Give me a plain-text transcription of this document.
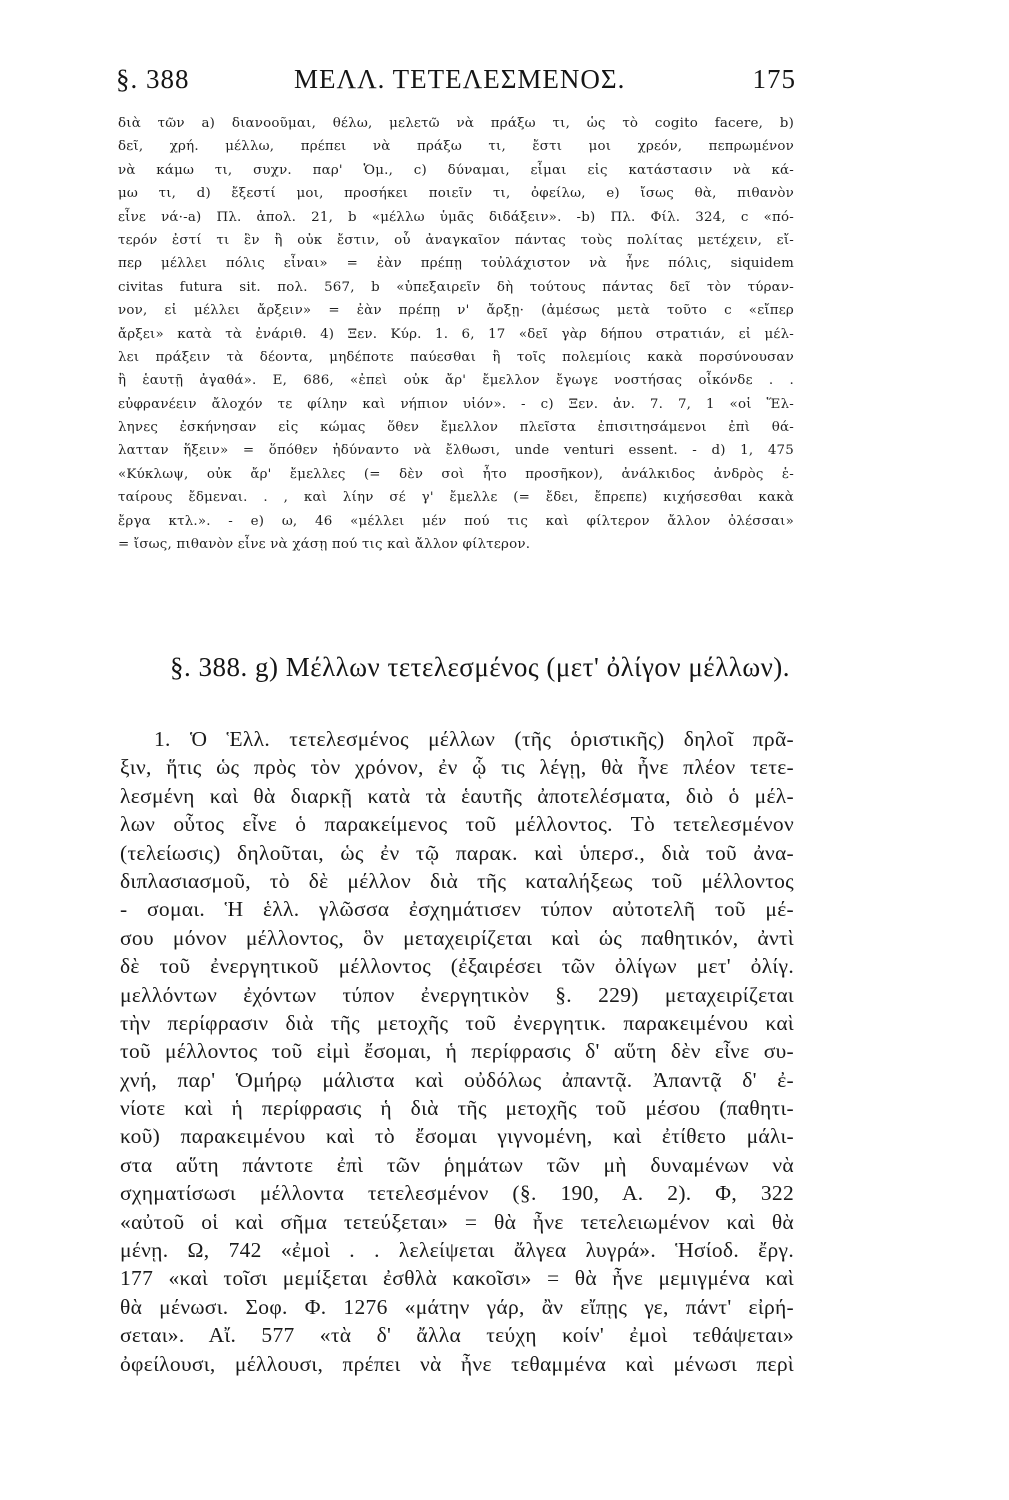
§. 388	ΜΕΛΛ. ΤΕΤΕΛΕΣΜΕΝΟΣ.	175
διὰ τῶν a) διανοοῦμαι, θέλω, μελετῶ νὰ πράξω τι, ὡς τὸ cogito facere, b)
δεῖ, χρή. μέλλω, πρέπει νὰ πράξω τι, ἔστι μοι χρεόν, πεπρωμένον
νὰ κάμω τι, συχν. παρ' Ὁμ., c) δύναμαι, εἶμαι εἰς κατάστασιν νὰ κά-
μω τι, d) ἔξεστί μοι, προσήκει ποιεῖν τι, ὀφείλω, e) ἴσως θὰ, πιθανὸν
εἶνε νά·-a) Πλ. ἀπολ. 21, b «μέλλω ὑμᾶς διδάξειν». -b) Πλ. Φίλ. 324, c «πό-
τερόν ἐστί τι ἓν ἢ οὐκ ἔστιν, οὗ ἀναγκαῖον πάντας τοὺς πολίτας μετέχειν, εἴ-
περ μέλλει πόλις εἶναι» = ἐὰν πρέπῃ τοὐλάχιστον νὰ ἦνε πόλις, siquidem
civitas futura sit. πολ. 567, b «ὑπεξαιρεῖν δὴ τούτους πάντας δεῖ τὸν τύραν-
νον, εἰ μέλλει ἄρξειν» = ἐὰν πρέπῃ ν' ἄρξῃ· (ἀμέσως μετὰ τοῦτο c «εἴπερ
ἄρξει» κατὰ τὰ ἐνάριθ. 4) Ξεν. Κύρ. 1. 6, 17 «δεῖ γὰρ δήπου στρατιάν, εἰ μέλ-
λει πράξειν τὰ δέοντα, μηδέποτε παύεσθαι ἢ τοῖς πολεμίοις κακὰ πορσύνουσαν
ἢ ἑαυτῇ ἀγαθά». Ε, 686, «ἐπεὶ οὐκ ἄρ' ἔμελλον ἔγωγε νοστήσας οἶκόνδε . .
εὐφρανέειν ἄλοχόν τε φίλην καὶ νήπιον υἱόν». - c) Ξεν. ἀν. 7. 7, 1 «οἱ Ἕλ-
ληνες ἐσκήνησαν εἰς κώμας ὅθεν ἔμελλον πλεῖστα ἐπισιτησάμενοι ἐπὶ θά-
λατταν ἥξειν» = ὅπόθεν ἠδύναντο νὰ ἔλθωσι, unde venturi essent. - d) 1, 475
«Κύκλωψ, οὐκ ἄρ' ἔμελλες (= δὲν σοὶ ἦτο προσῆκον), ἀνάλκιδος ἀνδρὸς ἑ-
ταίρους ἔδμεναι. . , καὶ λίην σέ γ' ἔμελλε (= ἔδει, ἔπρεπε) κιχήσεσθαι κακὰ
ἔργα κτλ.». - e) ω, 46 «μέλλει μέν πού τις καὶ φίλτερον ἄλλον ὀλέσσαι»
= ἴσως, πιθανὸν εἶνε νὰ χάσῃ πού τις καὶ ἄλλον φίλτερον.
§. 388. g) Μέλλων τετελεσμένος (μετ' ὀλίγον μέλλων).
1. Ὁ Ἑλλ. τετελεσμένος μέλλων (τῆς ὁριστικῆς) δηλοῖ πρᾶ-
ξιν, ἥτις ὡς πρὸς τὸν χρόνον, ἐν ᾧ τις λέγῃ, θὰ ἦνε πλέον τετε-
λεσμένη καὶ θὰ διαρκῇ κατὰ τὰ ἑαυτῆς ἀποτελέσματα, διὸ ὁ μέλ-
λων οὗτος εἶνε ὁ παρακείμενος τοῦ μέλλοντος. Τὸ τετελεσμένον
(τελείωσις) δηλοῦται, ὡς ἐν τῷ παρακ. καὶ ὑπερσ., διὰ τοῦ ἀνα-
διπλασιασμοῦ, τὸ δὲ μέλλον διὰ τῆς καταλήξεως τοῦ μέλλοντος
- σομαι. Ἡ ἑλλ. γλῶσσα ἐσχημάτισεν τύπον αὐτοτελῆ τοῦ μέ-
σου μόνον μέλλοντος, ὃν μεταχειρίζεται καὶ ὡς παθητικόν, ἀντὶ
δὲ τοῦ ἐνεργητικοῦ μέλλοντος (ἐξαιρέσει τῶν ὀλίγων μετ' ὀλίγ.
μελλόντων ἐχόντων τύπον ἐνεργητικὸν §. 229) μεταχειρίζεται
τὴν περίφρασιν διὰ τῆς μετοχῆς τοῦ ἐνεργητικ. παρακειμένου καὶ
τοῦ μέλλοντος τοῦ εἰμὶ ἔσομαι, ἡ περίφρασις δ' αὕτη δὲν εἶνε συ-
χνή, παρ' Ὁμήρῳ μάλιστα καὶ οὐδόλως ἀπαντᾷ. Ἀπαντᾷ δ' ἐ-
νίοτε καὶ ἡ περίφρασις ἡ διὰ τῆς μετοχῆς τοῦ μέσου (παθητι-
κοῦ) παρακειμένου καὶ τὸ ἔσομαι γιγνομένη, καὶ ἐτίθετο μάλι-
στα αὕτη πάντοτε ἐπὶ τῶν ῥημάτων τῶν μὴ δυναμένων νὰ
σχηματίσωσι μέλλοντα τετελεσμένον (§. 190, Α. 2). Φ, 322
«αὐτοῦ οἱ καὶ σῆμα τετεύξεται» = θὰ ἦνε τετελειωμένον καὶ θὰ
μένῃ. Ω, 742 «ἐμοὶ . . λελείψεται ἄλγεα λυγρά». Ἡσίοδ. ἔργ.
177 «καὶ τοῖσι μεμίξεται ἐσθλὰ κακοῖσι» = θὰ ἦνε μεμιγμένα καὶ
θὰ μένωσι. Σοφ. Φ. 1276 «μάτην γάρ, ἂν εἴπῃς γε, πάντ' εἰρή-
σεται». Αἴ. 577 «τὰ δ' ἄλλα τεύχη κοίν' ἐμοὶ τεθάψεται»
ὀφείλουσι, μέλλουσι, πρέπει νὰ ἦνε τεθαμμένα καὶ μένωσι περὶ
